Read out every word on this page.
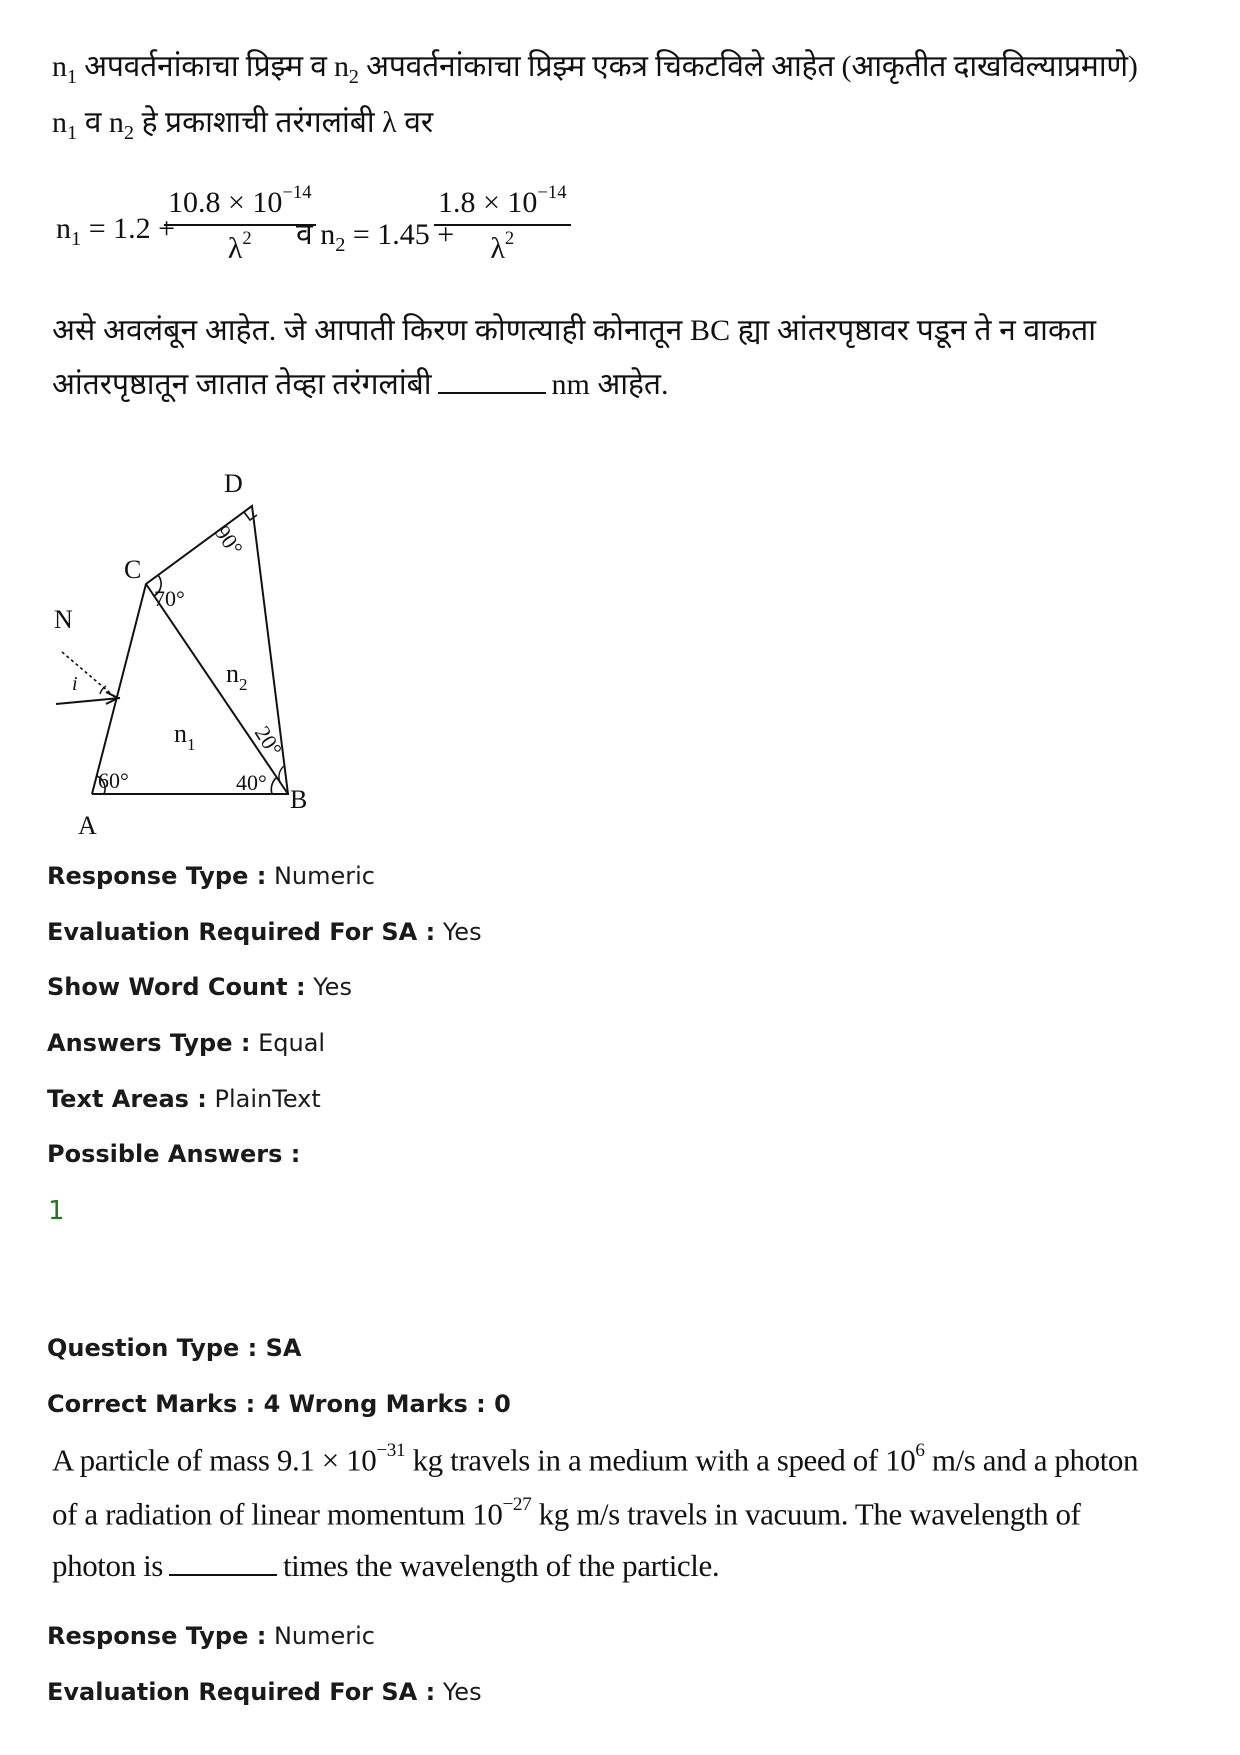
$n_1$ अपवर्तनांकाचा प्रिझ्म व $n_2$ अपवर्तनांकाचा प्रिझ्म एकत्र चिकटविले आहेत (आकृतीत दाखविल्याप्रमाणे)
$n_1$ व $n_2$ हे प्रकाशाची तरंगलांबी λ वर
$n_1 = 1.2$ +
$10.8 \times 10^{-14}$
$\lambda^2$	व $n_2 = 1.45$ +
$1.8 \times 10^{-14}$
$\lambda^2$
असे अवलंबून आहेत. जे आपाती किरण कोणत्याही कोनातून BC ह्या आंतरपृष्ठावर पडून ते न वाकता
आंतरपृष्ठातून जातात तेव्हा तरंगलांबी	nm आहेत.
D
C
N
A
B
i
90°
70°
20°
60°	40°
$n_2$
$n_1$
Response Type : Numeric
Evaluation Required For SA : Yes
Show Word Count : Yes
Answers Type : Equal
Text Areas : PlainText
Possible Answers :
1
Question Type : SA
Correct Marks : 4 Wrong Marks : 0
A particle of mass $9.1 \times 10^{-31}$ kg travels in a medium with a speed of $10^6$ m/s and a photon
of a radiation of linear momentum $10^{-27}$ kg m/s travels in vacuum. The wavelength of
photon is	times the wavelength of the particle.
Response Type : Numeric
Evaluation Required For SA : Yes
